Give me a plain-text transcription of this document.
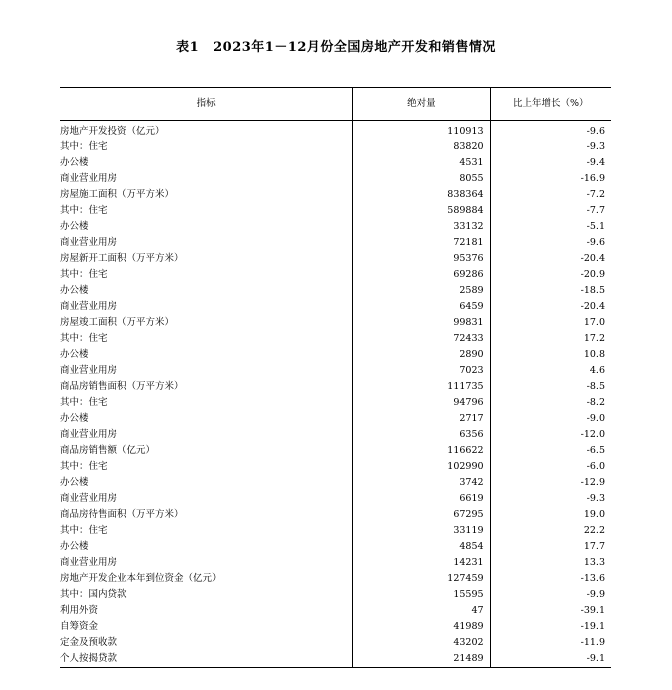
表1 2023年1－12月份全国房地产开发和销售情况
指标	绝对量	比上年增长（%）
房地产开发投资（亿元）	110913	-9.6
其中：住宅	83820	-9.3
办公楼	4531	-9.4
商业营业用房	8055	-16.9
房屋施工面积（万平方米）	838364	-7.2
其中：住宅	589884	-7.7
办公楼	33132	-5.1
商业营业用房	72181	-9.6
房屋新开工面积（万平方米）	95376	-20.4
其中：住宅	69286	-20.9
办公楼	2589	-18.5
商业营业用房	6459	-20.4
房屋竣工面积（万平方米）	99831	17.0
其中：住宅	72433	17.2
办公楼	2890	10.8
商业营业用房	7023	4.6
商品房销售面积（万平方米）	111735	-8.5
其中：住宅	94796	-8.2
办公楼	2717	-9.0
商业营业用房	6356	-12.0
商品房销售额（亿元）	116622	-6.5
其中：住宅	102990	-6.0
办公楼	3742	-12.9
商业营业用房	6619	-9.3
商品房待售面积（万平方米）	67295	19.0
其中：住宅	33119	22.2
办公楼	4854	17.7
商业营业用房	14231	13.3
房地产开发企业本年到位资金（亿元）	127459	-13.6
其中：国内贷款	15595	-9.9
利用外资	47	-39.1
自筹资金	41989	-19.1
定金及预收款	43202	-11.9
个人按揭贷款	21489	-9.1
